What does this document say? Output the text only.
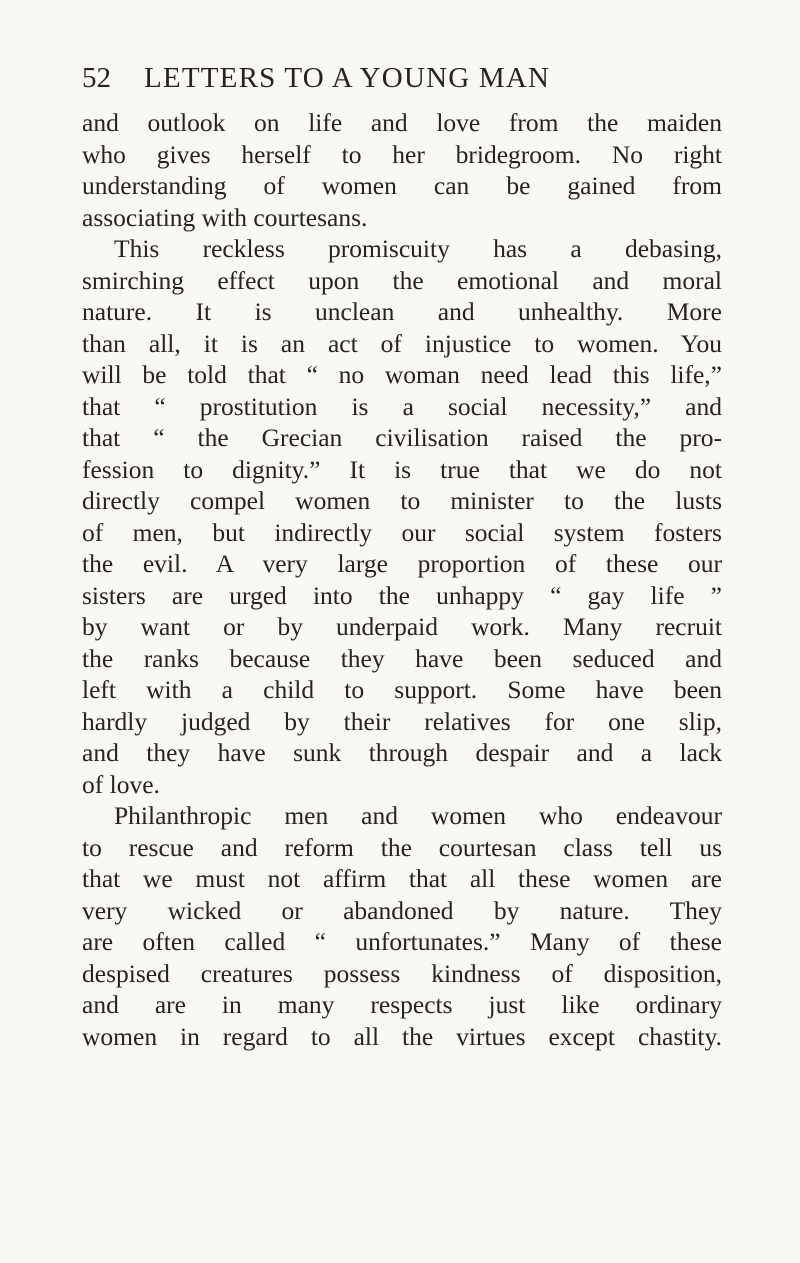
52 LETTERS TO A YOUNG MAN
and outlook on life and love from the maiden
who gives herself to her bridegroom. No right
understanding of women can be gained from
associating with courtesans.
This reckless promiscuity has a debasing,
smirching effect upon the emotional and moral
nature. It is unclean and unhealthy. More
than all, it is an act of injustice to women. You
will be told that “ no woman need lead this life,”
that “ prostitution is a social necessity,” and
that “ the Grecian civilisation raised the pro-
fession to dignity.” It is true that we do not
directly compel women to minister to the lusts
of men, but indirectly our social system fosters
the evil. A very large proportion of these our
sisters are urged into the unhappy “ gay life ”
by want or by underpaid work. Many recruit
the ranks because they have been seduced and
left with a child to support. Some have been
hardly judged by their relatives for one slip,
and they have sunk through despair and a lack
of love.
Philanthropic men and women who endeavour
to rescue and reform the courtesan class tell us
that we must not affirm that all these women are
very wicked or abandoned by nature. They
are often called “ unfortunates.” Many of these
despised creatures possess kindness of disposition,
and are in many respects just like ordinary
women in regard to all the virtues except chastity.
